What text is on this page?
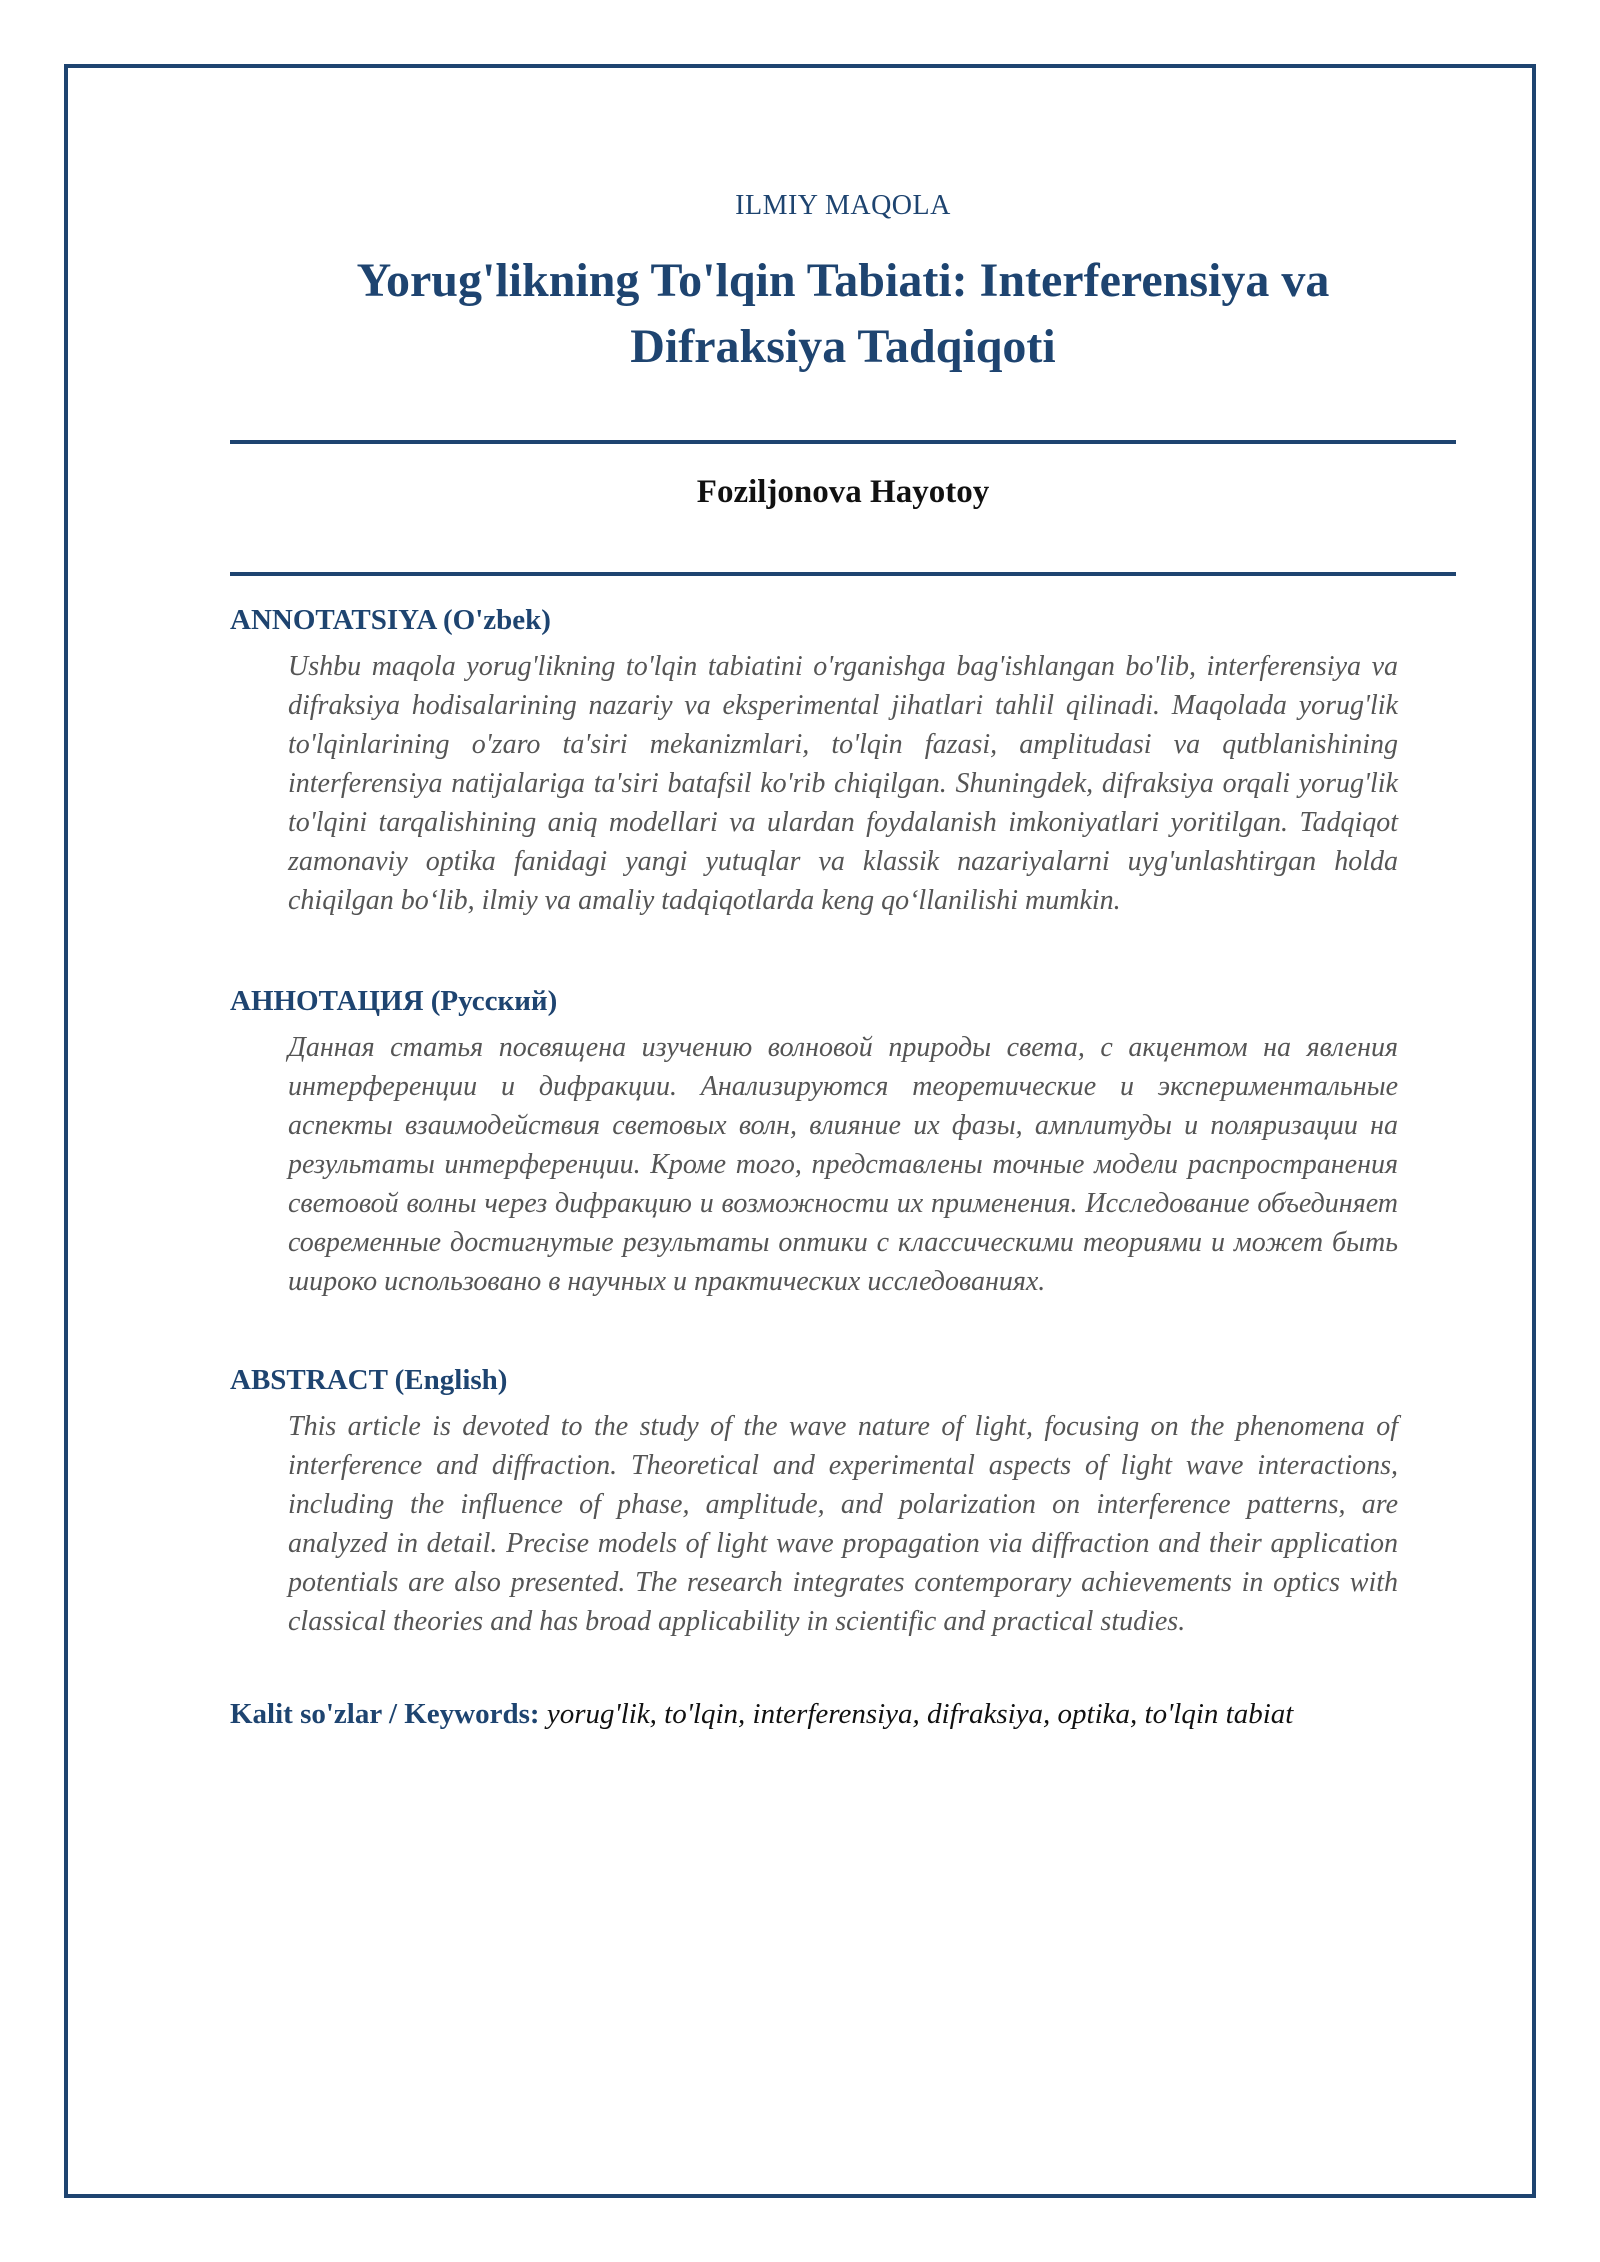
ILMIY MAQOLA
Yorug'likning To'lqin Tabiati: Interferensiya va
Difraksiya Tadqiqoti
Foziljonova Hayotoy
ANNOTATSIYA (O'zbek)

Ushbu maqola yorug'likning to'lqin tabiatini o'rganishga bag'ishlangan bo'lib, interferensiya va difraksiya hodisalarining nazariy va eksperimental jihatlari tahlil qilinadi. Maqolada yorug'lik to'lqinlarining o'zaro ta'siri mekanizmlari, to'lqin fazasi, amplitudasi va qutblanishining interferensiya natijalariga ta'siri batafsil ko'rib chiqilgan. Shuningdek, difraksiya orqali yorug'lik to'lqini tarqalishining aniq modellari va ulardan foydalanish imkoniyatlari yoritilgan. Tadqiqot zamonaviy optika fanidagi yangi yutuqlar va klassik nazariyalarni uyg'unlashtirgan holda chiqilgan bo‘lib, ilmiy va amaliy tadqiqotlarda keng qo‘llanilishi mumkin.

АННОТАЦИЯ (Русский)

Данная статья посвящена изучению волновой природы света, с акцентом на явления интерференции и дифракции. Анализируются теоретические и экспериментальные аспекты взаимодействия световых волн, влияние их фазы, амплитуды и поляризации на результаты интерференции. Кроме того, представлены точные модели распространения световой волны через дифракцию и возможности их применения. Исследование объединяет современные достигнутые результаты оптики с классическими теориями и может быть широко использовано в научных и практических исследованиях.

ABSTRACT (English)

This article is devoted to the study of the wave nature of light, focusing on the phenomena of interference and diffraction. Theoretical and experimental aspects of light wave interactions, including the influence of phase, amplitude, and polarization on interference patterns, are analyzed in detail. Precise models of light wave propagation via diffraction and their application potentials are also presented. The research integrates contemporary achievements in optics with classical theories and has broad applicability in scientific and practical studies.

Kalit so'zlar / Keywords: yorug'lik, to'lqin, interferensiya, difraksiya, optika, to'lqin tabiat
